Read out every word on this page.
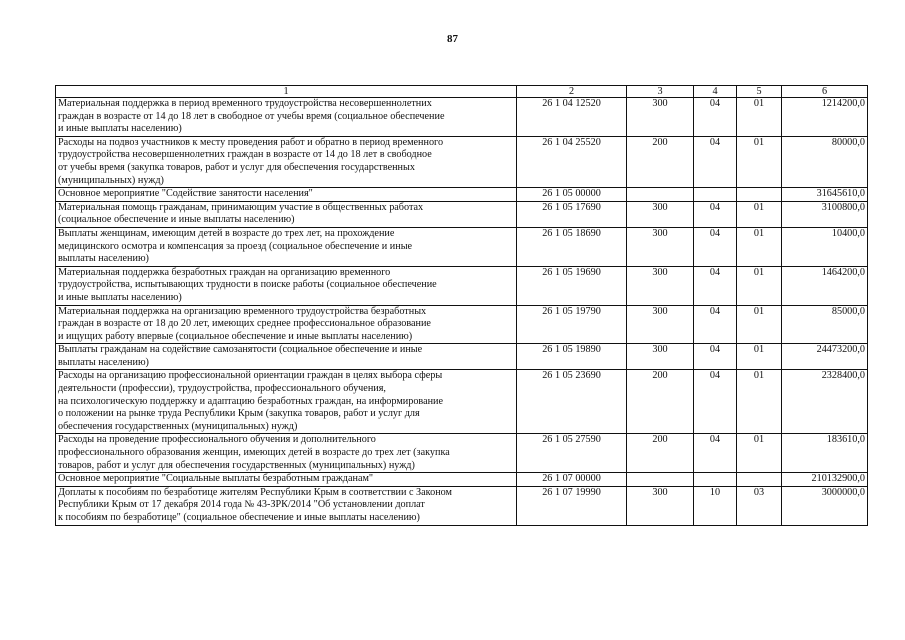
87
1	2	3	4	5	6

Материальная поддержка в период временного трудоустройства несовершеннолетних
граждан в возрасте от 14 до 18 лет в свободное от учебы время (социальное обеспечение
и иные выплаты населению)	26 1 04 12520	300	04	01	1214200,0

Расходы на подвоз участников к месту проведения работ и обратно в период временного
трудоустройства несовершеннолетних граждан в возрасте от 14 до 18 лет в свободное
от учебы время (закупка товаров, работ и услуг для обеспечения государственных
(муниципальных) нужд)	26 1 04 25520	200	04	01	80000,0

Основное мероприятие "Содействие занятости населения"	26 1 05 00000				31645610,0

Материальная помощь гражданам, принимающим участие в общественных работах
(социальное обеспечение и иные выплаты населению)	26 1 05 17690	300	04	01	3100800,0

Выплаты женщинам, имеющим детей в возрасте до трех лет, на прохождение
медицинского осмотра и компенсация за проезд (социальное обеспечение и иные
выплаты населению)	26 1 05 18690	300	04	01	10400,0

Материальная поддержка безработных граждан на организацию временного
трудоустройства, испытывающих трудности в поиске работы (социальное обеспечение
и иные выплаты населению)	26 1 05 19690	300	04	01	1464200,0

Материальная поддержка на организацию временного трудоустройства безработных
граждан в возрасте от 18 до 20 лет, имеющих среднее профессиональное образование
и ищущих работу впервые (социальное обеспечение и иные выплаты населению)	26 1 05 19790	300	04	01	85000,0

Выплаты гражданам на содействие самозанятости (социальное обеспечение и иные
выплаты населению)	26 1 05 19890	300	04	01	24473200,0

Расходы на организацию профессиональной ориентации граждан в целях выбора сферы
деятельности (профессии), трудоустройства, профессионального обучения,
на психологическую поддержку и адаптацию безработных граждан, на информирование
о положении на рынке труда Республики Крым (закупка товаров, работ и услуг для
обеспечения государственных (муниципальных) нужд)	26 1 05 23690	200	04	01	2328400,0

Расходы на проведение профессионального обучения и дополнительного
профессионального образования женщин, имеющих детей в возрасте до трех лет (закупка
товаров, работ и услуг для обеспечения государственных (муниципальных) нужд)	26 1 05 27590	200	04	01	183610,0

Основное мероприятие "Социальные выплаты безработным гражданам"	26 1 07 00000				210132900,0

Доплаты к пособиям по безработице жителям Республики Крым в соответствии с Законом
Республики Крым от 17 декабря 2014 года № 43-ЗРК/2014 "Об установлении доплат
к пособиям по безработице" (социальное обеспечение и иные выплаты населению)	26 1 07 19990	300	10	03	3000000,0
